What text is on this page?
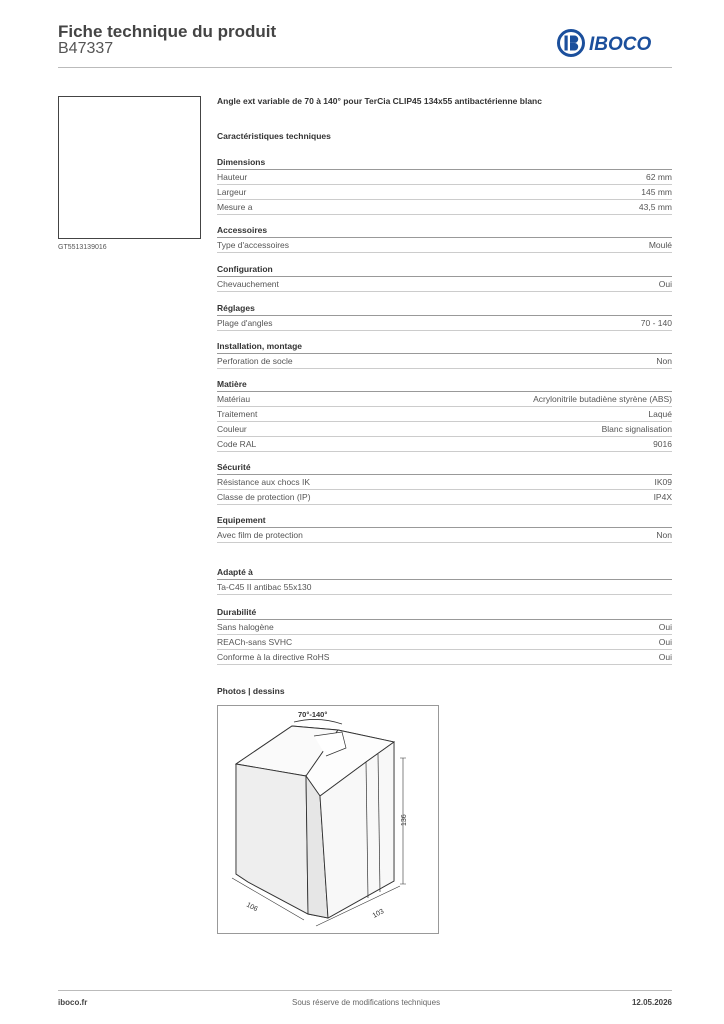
Fiche technique du produit
B47337	IBOCO
GT5513139016
Angle ext variable de 70 à 140° pour TerCia CLIP45 134x55 antibactérienne blanc
Caractéristiques techniques
Dimensions
Hauteur	62 mm
Largeur	145 mm
Mesure a	43,5 mm
Accessoires
Type d'accessoires	Moulé
Configuration
Chevauchement	Oui
Réglages
Plage d'angles	70 - 140
Installation, montage
Perforation de socle	Non
Matière
Matériau	Acrylonitrile butadiène styrène (ABS)
Traitement	Laqué
Couleur	Blanc signalisation
Code RAL	9016
Sécurité
Résistance aux chocs IK	IK09
Classe de protection (IP)	IP4X
Equipement
Avec film de protection	Non
Adapté à
Ta-C45 II antibac 55x130
Durabilité
Sans halogène	Oui
REACh-sans SVHC	Oui
Conforme à la directive RoHS	Oui
Photos | dessins
70°-140°
136
106
103
iboco.fr	Sous réserve de modifications techniques	12.05.2026
